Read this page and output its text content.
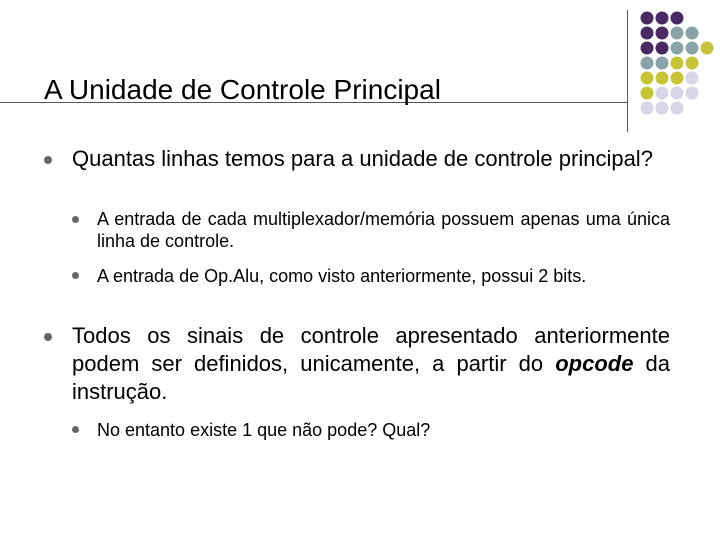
A Unidade de Controle Principal
Quantas linhas temos para a unidade de controle principal?
A entrada de cada multiplexador/memória possuem apenas uma única linha de controle.
A entrada de Op.Alu, como visto anteriormente, possui 2 bits.
Todos os sinais de controle apresentado anteriormente podem ser definidos, unicamente, a partir do opcode da instrução.
No entanto existe 1 que não pode? Qual?
